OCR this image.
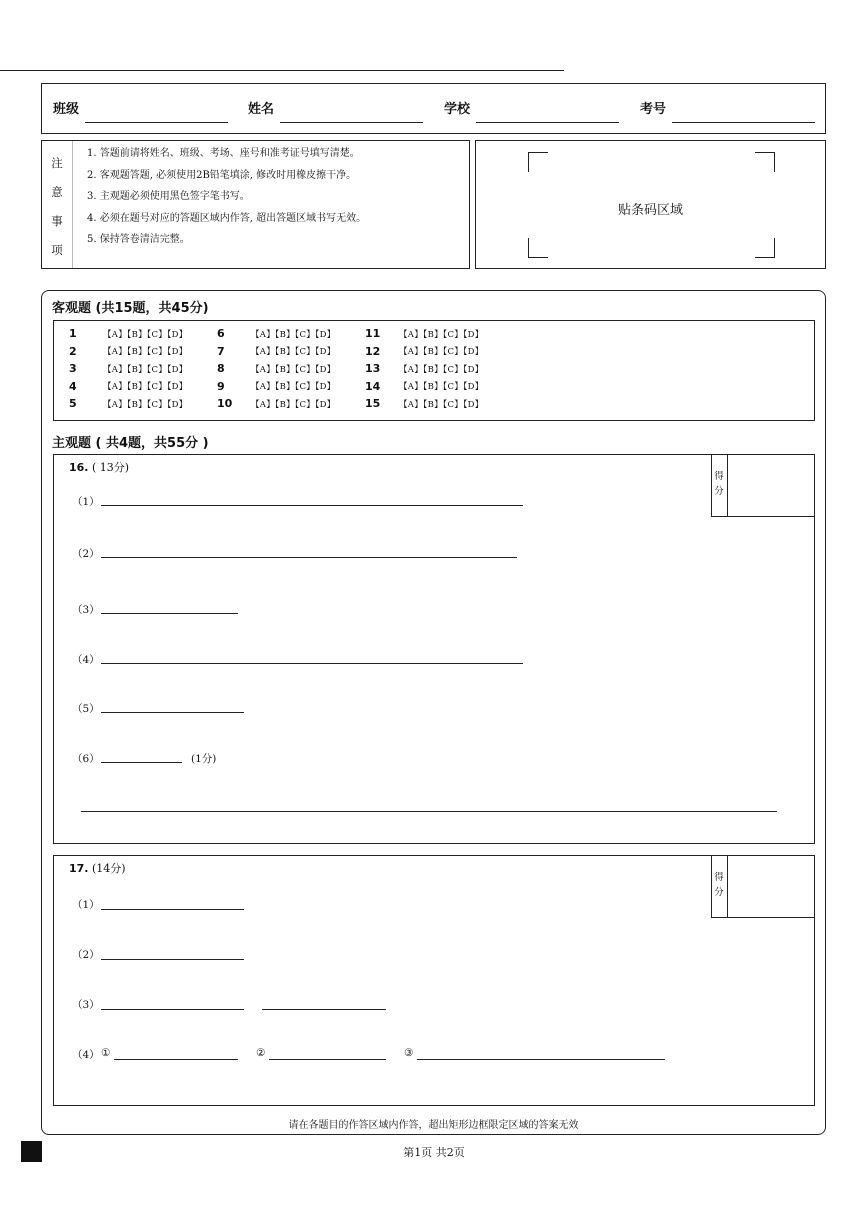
班级	姓名	学校	考号
注
意
事
项
1. 答题前请将姓名、班级、考场、座号和准考证号填写清楚。
2. 客观题答题, 必须使用2B铅笔填涂, 修改时用橡皮擦干净。
3. 主观题必须使用黑色签字笔书写。
4. 必须在题号对应的答题区域内作答, 超出答题区域书写无效。
5. 保持答卷清洁完整。
贴条码区域
客观题 (共15题，共45分)
1	【A】【B】【C】【D】
2	【A】【B】【C】【D】
3	【A】【B】【C】【D】
4	【A】【B】【C】【D】
5	【A】【B】【C】【D】
6	【A】【B】【C】【D】
7	【A】【B】【C】【D】
8	【A】【B】【C】【D】
9	【A】【B】【C】【D】
10	【A】【B】【C】【D】
11	【A】【B】【C】【D】
12	【A】【B】【C】【D】
13	【A】【B】【C】【D】
14	【A】【B】【C】【D】
15	【A】【B】【C】【D】
主观题 ( 共4题，共55分 )
16. ( 13分)
得
分
（1）
（2）
（3）
（4）
（5）
（6）	(1分)
17. (14分)
得
分
（1）
（2）
（3）
（4） ①	②	③
请在各题目的作答区域内作答，超出矩形边框限定区域的答案无效
第1页 共2页
